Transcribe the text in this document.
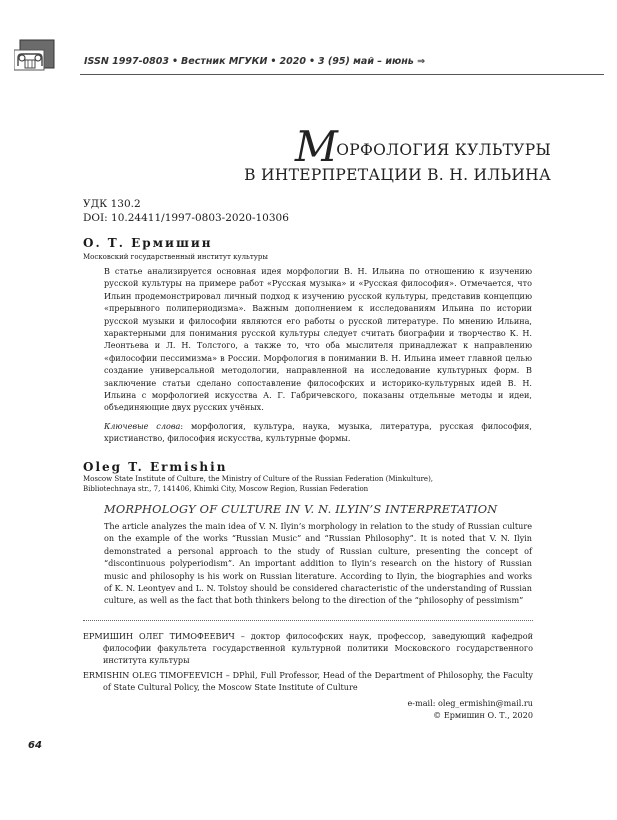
ISSN 1997-0803 • Вестник МГУКИ • 2020 • 3 (95) май – июнь ⇒
МОРФОЛОГИЯ КУЛЬТУРЫ
В ИНТЕРПРЕТАЦИИ В. Н. ИЛЬИНА
УДК 130.2
DOI: 10.24411/1997-0803-2020-10306
О. Т. Ермишин
Московский государственный институт культуры
В статье анализируется основная идея морфологии В. Н. Ильина по отношению к изучению русской культуры на примере работ «Русская музыка» и «Русская философия». Отмечается, что Ильин продемонстрировал личный подход к изучению русской культуры, представив концепцию «прерывного полипериодизма». Важным дополнением к исследованиям Ильина по истории русской музыки и философии являются его работы о русской литературе. По мнению Ильина, характерными для понимания русской культуры следует считать биографии и творчество К. Н. Леонтьева и Л. Н. Толстого, а также то, что оба мыслителя принадлежат к направлению «философии пессимизма» в России. Морфология в понимании В. Н. Ильина имеет главной целью создание универсальной методологии, направленной на исследование культурных форм. В заключение статьи сделано сопоставление философских и историко-культурных идей В. Н. Ильина с морфологией искусства А. Г. Габричевского, показаны отдельные методы и идеи, объединяющие двух русских учёных.
Ключевые слова: морфология, культура, наука, музыка, литература, русская философия, христианство, философия искусства, культурные формы.
Oleg T. Ermishin
Moscow State Institute of Culture, the Ministry of Culture of the Russian Federation (Minkulture),
Bibliotechnaya str., 7, 141406, Khimki City, Moscow Region, Russian Federation
MORPHOLOGY OF CULTURE IN V. N. ILYIN’S INTERPRETATION
The article analyzes the main idea of V. N. Ilyin’s morphology in relation to the study of Russian culture on the example of the works “Russian Music” and “Russian Philosophy”. It is noted that V. N. Ilyin demonstrated a personal approach to the study of Russian culture, presenting the concept of “discontinuous polyperiodism”. An important addition to Ilyin’s research on the history of Russian music and philosophy is his work on Russian literature. According to Ilyin, the biographies and works of K. N. Leontyev and L. N. Tolstoy should be considered characteristic of the understanding of Russian culture, as well as the fact that both thinkers belong to the direction of the “philosophy of pessimism”

ЕРМИШИН ОЛЕГ ТИМОФЕЕВИЧ – доктор философских наук, профессор, заведующий кафедрой философии факультета государственной культурной политики Московского государственного института культуры

ERMISHIN OLEG TIMOFEEVICH – DPhil, Full Professor, Head of the Department of Philosophy, the Faculty of State Cultural Policy, the Moscow State Institute of Culture

e-mail: oleg_ermishin@mail.ru
© Ермишин О. Т., 2020
64
